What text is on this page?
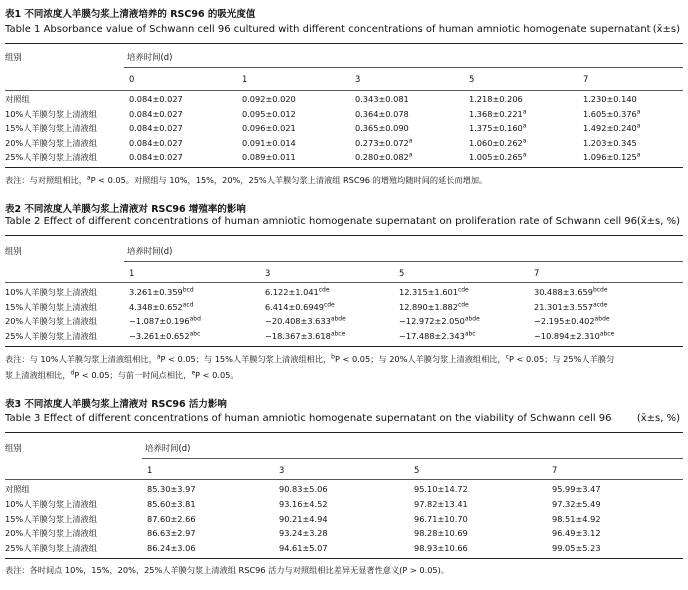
表1 不同浓度人羊膜匀浆上清液培养的 RSC96 的吸光度值
Table 1 Absorbance value of Schwann cell 96 cultured with different concentrations of human amniotic homogenate supernatant (x̄±s)
组别	培养时间(d)
0	1	3	5	7
对照组	0.084±0.027	0.092±0.020	0.343±0.081	1.218±0.206	1.230±0.140
10%人羊膜匀浆上清液组	0.084±0.027	0.095±0.012	0.364±0.078	1.368±0.221$^a$	1.605±0.376$^a$
15%人羊膜匀浆上清液组	0.084±0.027	0.096±0.021	0.365±0.090	1.375±0.160$^a$	1.492±0.240$^a$
20%人羊膜匀浆上清液组	0.084±0.027	0.091±0.014	0.273±0.072$^a$	1.060±0.262$^a$	1.203±0.345
25%人羊膜匀浆上清液组	0.084±0.027	0.089±0.011	0.280±0.082$^a$	1.005±0.265$^a$	1.096±0.125$^a$
表注：与对照组相比，$^a$P < 0.05。对照组与 10%，15%，20%，25%人羊膜匀浆上清液组 RSC96 的增殖均随时间的延长而增加。
表2 不同浓度人羊膜匀浆上清液对 RSC96 增殖率的影响
Table 2 Effect of different concentrations of human amniotic homogenate supernatant on proliferation rate of Schwann cell 96 (x̄±s, %)
组别	培养时间(d)
1	3	5	7
10%人羊膜匀浆上清液组	3.261±0.359$^{bcd}$	6.122±1.041$^{cde}$	12.315±1.601$^{cde}$	$30.488\pm 3.659^{bcde}$
15%人羊膜匀浆上清液组	4.348±0.652$^{acd}$	6.414±0.6949$^{cde}$	12.890±1.882$^{cde}$	$21.301\pm 3.557^{acde}$
20%人羊膜匀浆上清液组	−1.087±0.196$^{abd}$	$-20.408\pm 3.633^{abde}$	$-12.972\pm 2.050^{abde}$	$-2.195\pm 0.402^{abde}$
25%人羊膜匀浆上清液组	−3.261±0.652$^{abc}$	$-18.367\pm 3.618^{abce}$	−17.488±2.343$^{abc}$	$-10.894\pm 2.310^{abce}$
表注：与 10%人羊膜匀浆上清液组相比，$^a$P < 0.05；与 15%人羊膜匀浆上清液组相比，$^b$P < 0.05；与 20%人羊膜匀浆上清液组相比，$^c$P < 0.05；与 25%人羊膜匀
浆上清液组相比，$^d$P < 0.05；与前一时间点相比，$^e$P < 0.05。
表3 不同浓度人羊膜匀浆上清液对 RSC96 活力影响
Table 3 Effect of different concentrations of human amniotic homogenate supernatant on the viability of Schwann cell 96	(x̄±s, %)
组别	培养时间(d)
1	3	5	7
对照组	85.30±3.97	90.83±5.06	95.10±14.72	95.99±3.47
10%人羊膜匀浆上清液组	85.60±3.81	93.16±4.52	97.82±13.41	97.32±5.49
15%人羊膜匀浆上清液组	87.60±2.66	90.21±4.94	96.71±10.70	98.51±4.92
20%人羊膜匀浆上清液组	86.63±2.97	93.24±3.28	98.28±10.69	96.49±3.12
25%人羊膜匀浆上清液组	86.24±3.06	94.61±5.07	98.93±10.66	99.05±5.23
表注：各时间点 10%，15%，20%，25%人羊膜匀浆上清液组 RSC96 活力与对照组相比差异无显著性意义(P > 0.05)。
